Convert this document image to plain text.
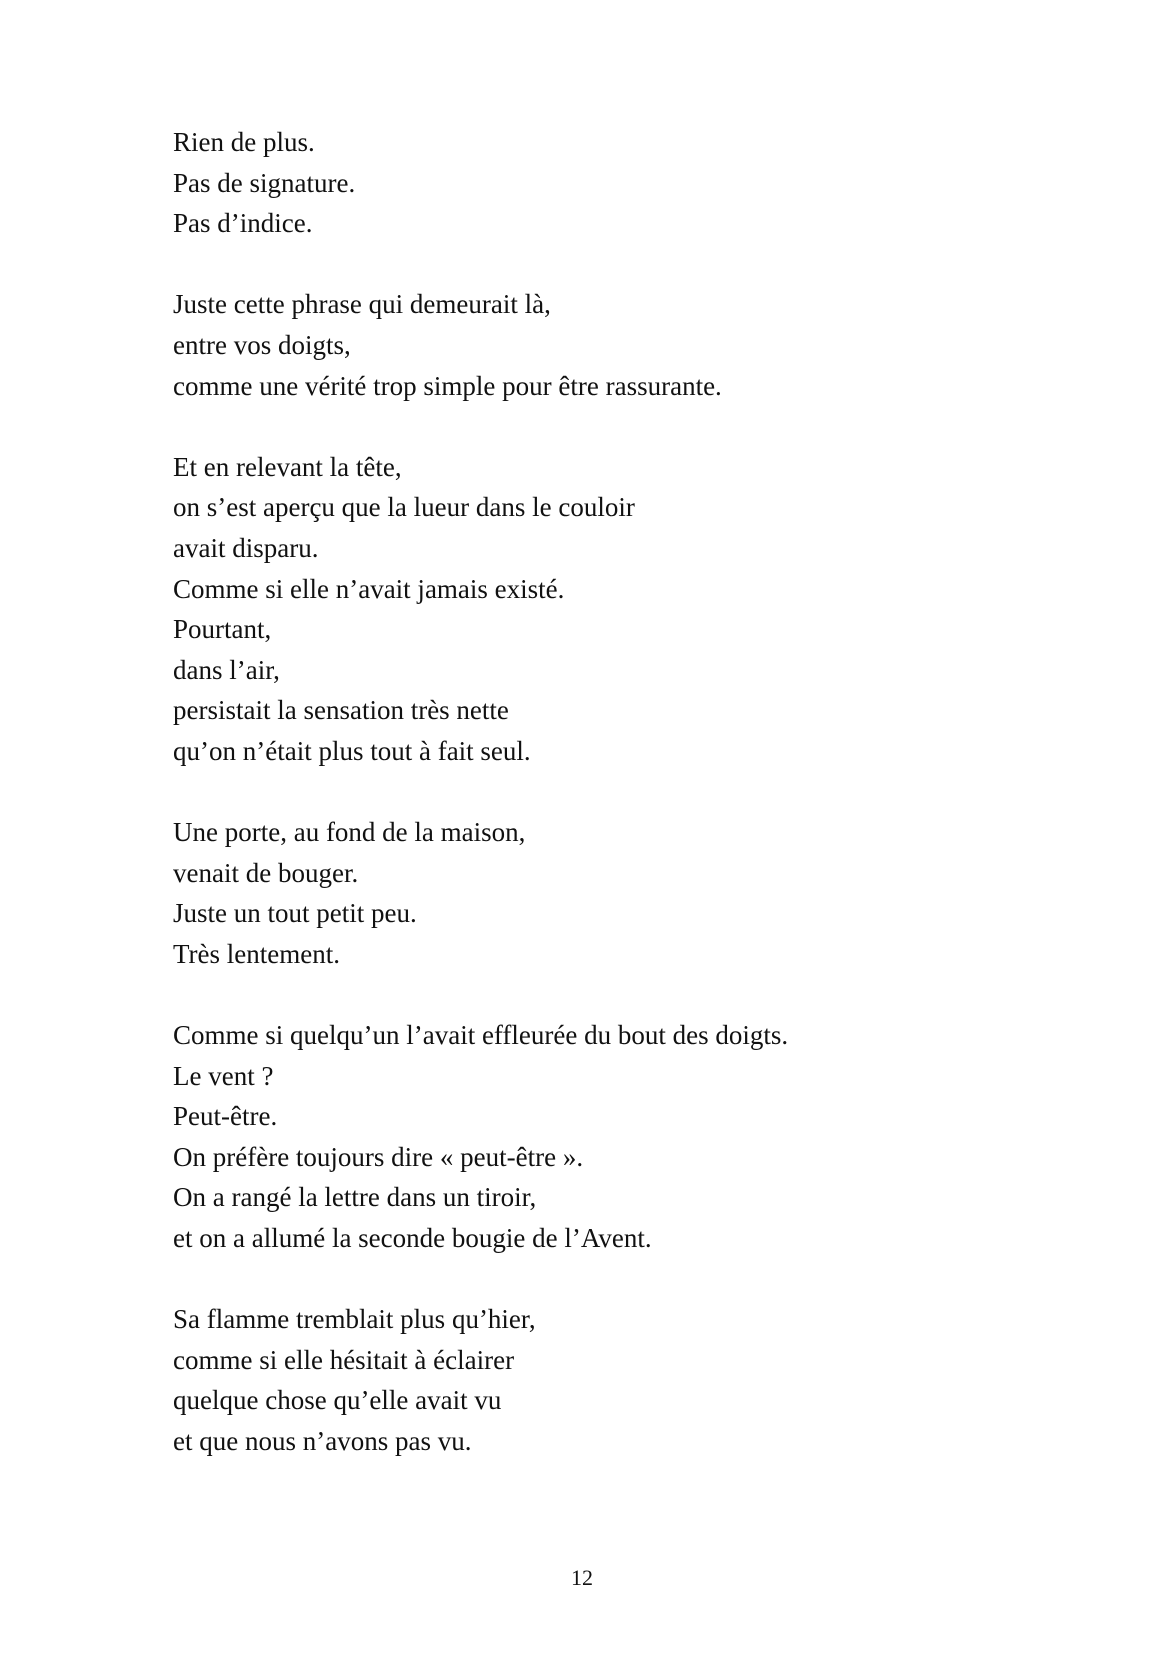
Rien de plus.
Pas de signature.
Pas d’indice.
Juste cette phrase qui demeurait là,
entre vos doigts,
comme une vérité trop simple pour être rassurante.
Et en relevant la tête,
on s’est aperçu que la lueur dans le couloir
avait disparu.
Comme si elle n’avait jamais existé.
Pourtant,
dans l’air,
persistait la sensation très nette
qu’on n’était plus tout à fait seul.
Une porte, au fond de la maison,
venait de bouger.
Juste un tout petit peu.
Très lentement.
Comme si quelqu’un l’avait effleurée du bout des doigts.
Le vent ?
Peut-être.
On préfère toujours dire « peut-être ».
On a rangé la lettre dans un tiroir,
et on a allumé la seconde bougie de l’Avent.
Sa flamme tremblait plus qu’hier,
comme si elle hésitait à éclairer
quelque chose qu’elle avait vu
et que nous n’avons pas vu.
12
